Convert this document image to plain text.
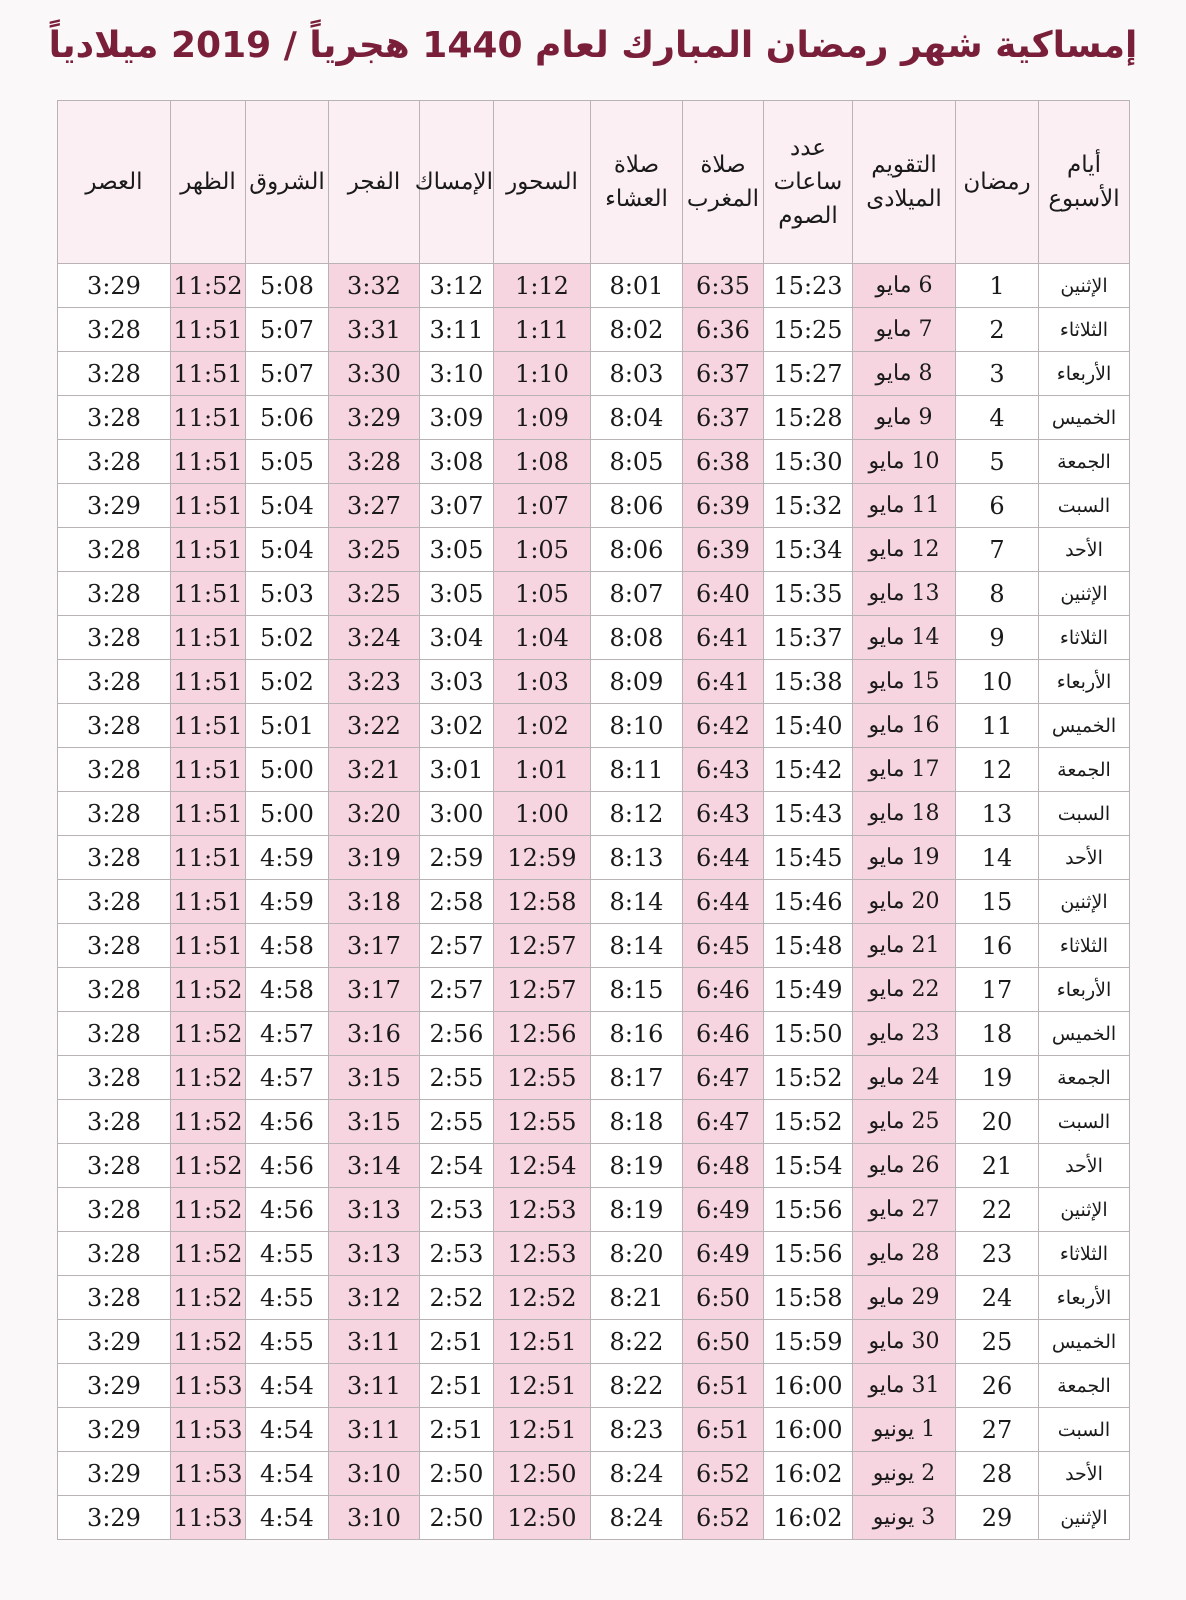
إمساكية شهر رمضان المبارك لعام 1440 هجرياً / 2019 ميلادياً
أيام الأسبوع	رمضان	التقويم الميلادى	عدد ساعات الصوم	صلاة المغرب	صلاة العشاء	السحور	الإمساك	الفجر	الشروق	الظهر	العصر
الإثنين	1	6 مايو	15:23	6:35	8:01	1:12	3:12	3:32	5:08	11:52	3:29
الثلاثاء	2	7 مايو	15:25	6:36	8:02	1:11	3:11	3:31	5:07	11:51	3:28
الأربعاء	3	8 مايو	15:27	6:37	8:03	1:10	3:10	3:30	5:07	11:51	3:28
الخميس	4	9 مايو	15:28	6:37	8:04	1:09	3:09	3:29	5:06	11:51	3:28
الجمعة	5	10 مايو	15:30	6:38	8:05	1:08	3:08	3:28	5:05	11:51	3:28
السبت	6	11 مايو	15:32	6:39	8:06	1:07	3:07	3:27	5:04	11:51	3:29
الأحد	7	12 مايو	15:34	6:39	8:06	1:05	3:05	3:25	5:04	11:51	3:28
الإثنين	8	13 مايو	15:35	6:40	8:07	1:05	3:05	3:25	5:03	11:51	3:28
الثلاثاء	9	14 مايو	15:37	6:41	8:08	1:04	3:04	3:24	5:02	11:51	3:28
الأربعاء	10	15 مايو	15:38	6:41	8:09	1:03	3:03	3:23	5:02	11:51	3:28
الخميس	11	16 مايو	15:40	6:42	8:10	1:02	3:02	3:22	5:01	11:51	3:28
الجمعة	12	17 مايو	15:42	6:43	8:11	1:01	3:01	3:21	5:00	11:51	3:28
السبت	13	18 مايو	15:43	6:43	8:12	1:00	3:00	3:20	5:00	11:51	3:28
الأحد	14	19 مايو	15:45	6:44	8:13	12:59	2:59	3:19	4:59	11:51	3:28
الإثنين	15	20 مايو	15:46	6:44	8:14	12:58	2:58	3:18	4:59	11:51	3:28
الثلاثاء	16	21 مايو	15:48	6:45	8:14	12:57	2:57	3:17	4:58	11:51	3:28
الأربعاء	17	22 مايو	15:49	6:46	8:15	12:57	2:57	3:17	4:58	11:52	3:28
الخميس	18	23 مايو	15:50	6:46	8:16	12:56	2:56	3:16	4:57	11:52	3:28
الجمعة	19	24 مايو	15:52	6:47	8:17	12:55	2:55	3:15	4:57	11:52	3:28
السبت	20	25 مايو	15:52	6:47	8:18	12:55	2:55	3:15	4:56	11:52	3:28
الأحد	21	26 مايو	15:54	6:48	8:19	12:54	2:54	3:14	4:56	11:52	3:28
الإثنين	22	27 مايو	15:56	6:49	8:19	12:53	2:53	3:13	4:56	11:52	3:28
الثلاثاء	23	28 مايو	15:56	6:49	8:20	12:53	2:53	3:13	4:55	11:52	3:28
الأربعاء	24	29 مايو	15:58	6:50	8:21	12:52	2:52	3:12	4:55	11:52	3:28
الخميس	25	30 مايو	15:59	6:50	8:22	12:51	2:51	3:11	4:55	11:52	3:29
الجمعة	26	31 مايو	16:00	6:51	8:22	12:51	2:51	3:11	4:54	11:53	3:29
السبت	27	1 يونيو	16:00	6:51	8:23	12:51	2:51	3:11	4:54	11:53	3:29
الأحد	28	2 يونيو	16:02	6:52	8:24	12:50	2:50	3:10	4:54	11:53	3:29
الإثنين	29	3 يونيو	16:02	6:52	8:24	12:50	2:50	3:10	4:54	11:53	3:29
